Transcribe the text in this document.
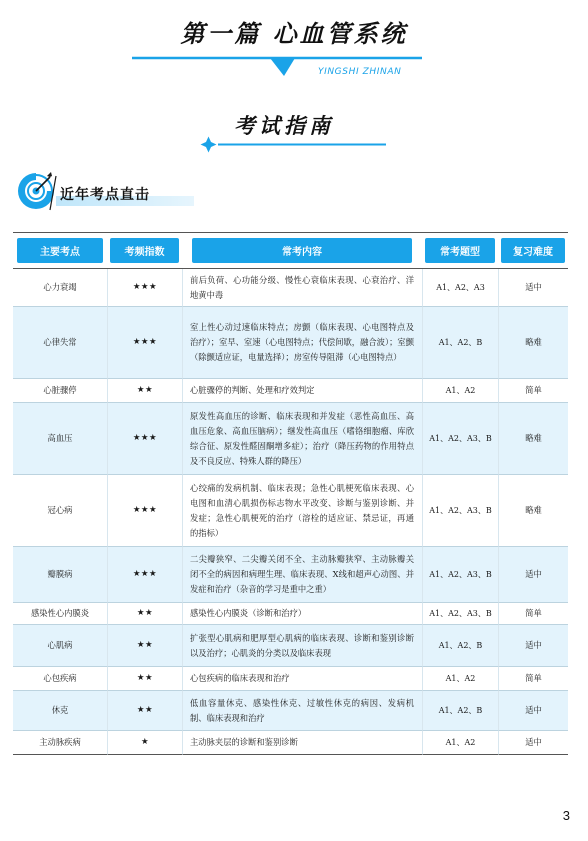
第一篇 心血管系统
YINGSHI ZHINAN
考试指南
近年考点直击
主要考点	考频指数	常考内容	常考题型	复习难度
心力衰竭	★★★	前后负荷、心功能分级、慢性心衰临床表现、心衰治疗、洋地黄中毒	A1、A2、A3	适中
心律失常	★★★	室上性心动过速临床特点；房颤（临床表现、心电图特点及治疗）；室早、室速（心电图特点；代偿间歇，融合波）；室颤（除颤适应证，电量选择）；房室传导阻滞（心电图特点）	A1、A2、B	略难
心脏骤停	★★	心脏骤停的判断、处理和疗效判定	A1、A2	简单
高血压	★★★	原发性高血压的诊断、临床表现和并发症（恶性高血压、高血压危象、高血压脑病）；继发性高血压（嗜铬细胞瘤、库欣综合征、原发性醛固酮增多症）；治疗（降压药物的作用特点及不良反应、特殊人群的降压）	A1、A2、A3、B	略难
冠心病	★★★	心绞痛的发病机制、临床表现；急性心肌梗死临床表现、心电图和血清心肌损伤标志物水平改变、诊断与鉴别诊断、并发症；急性心肌梗死的治疗（溶栓的适应证、禁忌证，再通的指标）	A1、A2、A3、B	略难
瓣膜病	★★★	二尖瓣狭窄、二尖瓣关闭不全、主动脉瓣狭窄、主动脉瓣关闭不全的病因和病理生理、临床表现、X线和超声心动图、并发症和治疗（杂音的学习是重中之重）	A1、A2、A3、B	适中
感染性心内膜炎	★★	感染性心内膜炎（诊断和治疗）	A1、A2、A3、B	简单
心肌病	★★	扩张型心肌病和肥厚型心肌病的临床表现、诊断和鉴别诊断以及治疗；心肌炎的分类以及临床表现	A1、A2、B	适中
心包疾病	★★	心包疾病的临床表现和治疗	A1、A2	简单
休克	★★	低血容量休克、感染性休克、过敏性休克的病因、发病机制、临床表现和治疗	A1、A2、B	适中
主动脉疾病	★	主动脉夹层的诊断和鉴别诊断	A1、A2	适中
3
